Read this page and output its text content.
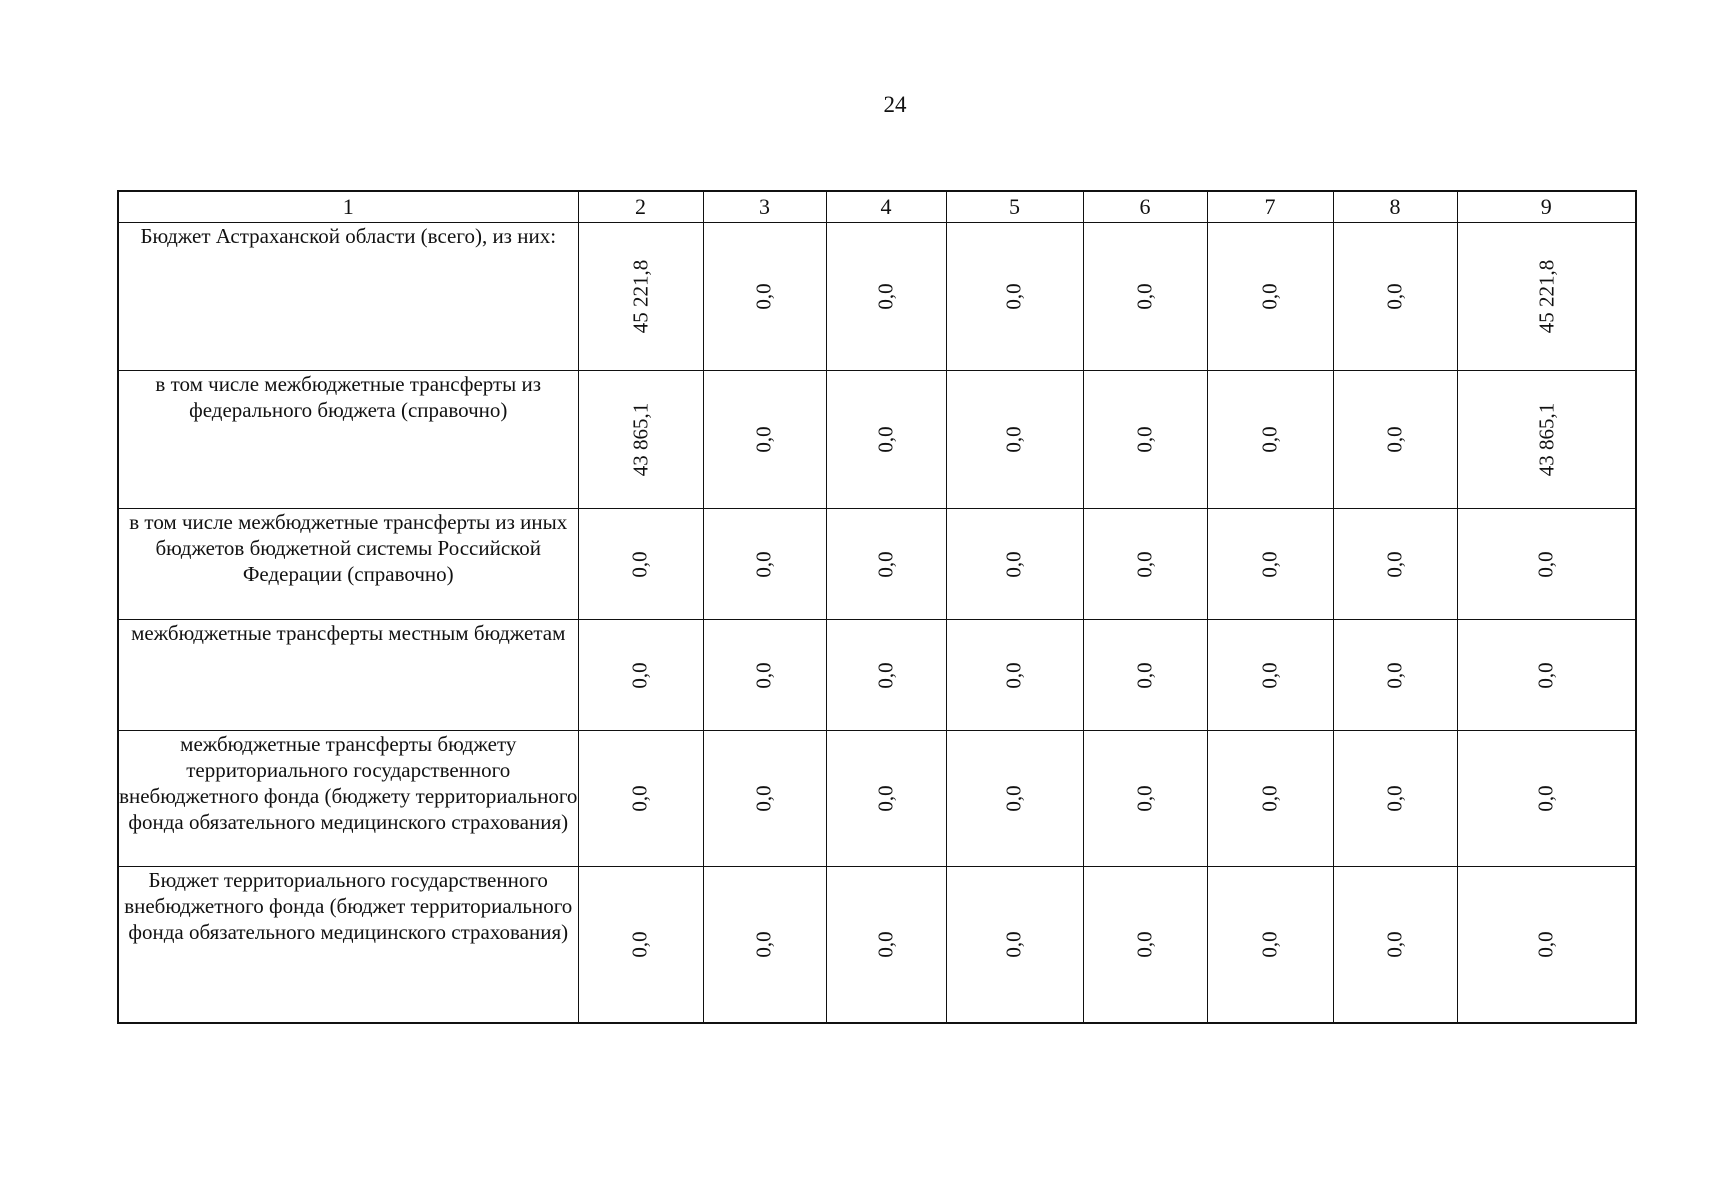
24
1	2	3	4	5	6	7	8	9
Бюджет Астраханской области (всего), из них:	45 221,8	0,0	0,0	0,0	0,0	0,0	0,0	45 221,8
в том числе межбюджетные трансферты из федерального бюджета (справочно)	43 865,1	0,0	0,0	0,0	0,0	0,0	0,0	43 865,1
в том числе межбюджетные трансферты из иных бюджетов бюджетной системы Российской Федерации (справочно)	0,0	0,0	0,0	0,0	0,0	0,0	0,0	0,0
межбюджетные трансферты местным бюджетам	0,0	0,0	0,0	0,0	0,0	0,0	0,0	0,0
межбюджетные трансферты бюджету территориального государственного внебюджетного фонда (бюджету территориального фонда обязательного медицинского страхования)	0,0	0,0	0,0	0,0	0,0	0,0	0,0	0,0
Бюджет территориального государственного внебюджетного фонда (бюджет территориального фонда обязательного медицинского страхования)	0,0	0,0	0,0	0,0	0,0	0,0	0,0	0,0
